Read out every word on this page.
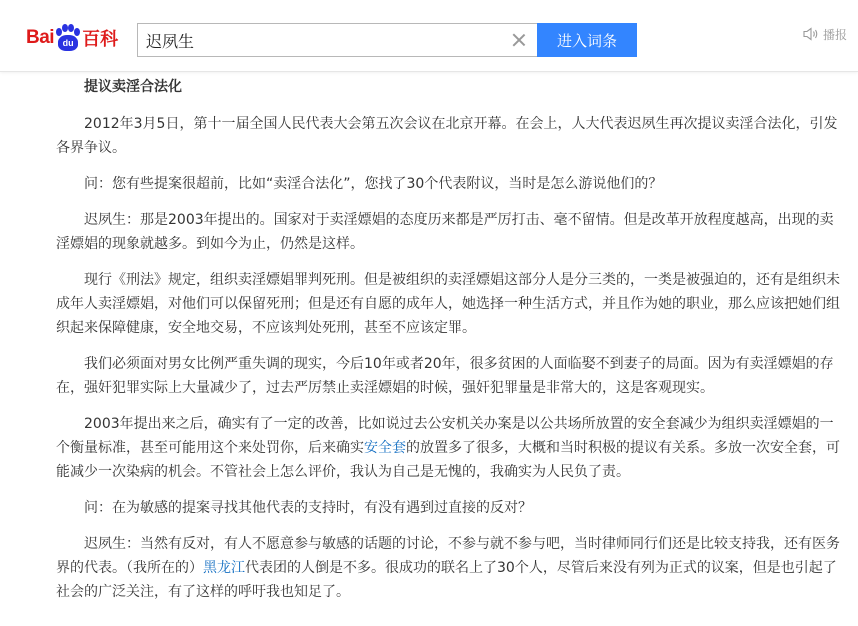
Bai du 百科
迟夙生	进入词条	播报

提议卖淫合法化

2012年3月5日，第十一届全国人民代表大会第五次会议在北京开幕。在会上，人大代表迟夙生再次提议卖淫合法化，引发各界争议。

问：您有些提案很超前，比如“卖淫合法化”，您找了30个代表附议，当时是怎么游说他们的？

迟夙生：那是2003年提出的。国家对于卖淫嫖娼的态度历来都是严厉打击、毫不留情。但是改革开放程度越高，出现的卖淫嫖娼的现象就越多。到如今为止，仍然是这样。

现行《刑法》规定，组织卖淫嫖娼罪判死刑。但是被组织的卖淫嫖娼这部分人是分三类的，一类是被强迫的，还有是组织未成年人卖淫嫖娼，对他们可以保留死刑；但是还有自愿的成年人，她选择一种生活方式，并且作为她的职业，那么应该把她们组织起来保障健康，安全地交易，不应该判处死刑，甚至不应该定罪。

我们必须面对男女比例严重失调的现实，今后10年或者20年，很多贫困的人面临娶不到妻子的局面。因为有卖淫嫖娼的存在，强奸犯罪实际上大量减少了，过去严厉禁止卖淫嫖娼的时候，强奸犯罪量是非常大的，这是客观现实。

2003年提出来之后，确实有了一定的改善，比如说过去公安机关办案是以公共场所放置的安全套减少为组织卖淫嫖娼的一个衡量标准，甚至可能用这个来处罚你，后来确实安全套的放置多了很多，大概和当时积极的提议有关系。多放一次安全套，可能减少一次染病的机会。不管社会上怎么评价，我认为自己是无愧的，我确实为人民负了责。

问：在为敏感的提案寻找其他代表的支持时，有没有遇到过直接的反对？

迟夙生：当然有反对，有人不愿意参与敏感的话题的讨论，不参与就不参与吧，当时律师同行们还是比较支持我，还有医务界的代表。（我所在的）黑龙江代表团的人倒是不多。很成功的联名上了30个人，尽管后来没有列为正式的议案，但是也引起了社会的广泛关注，有了这样的呼吁我也知足了。
